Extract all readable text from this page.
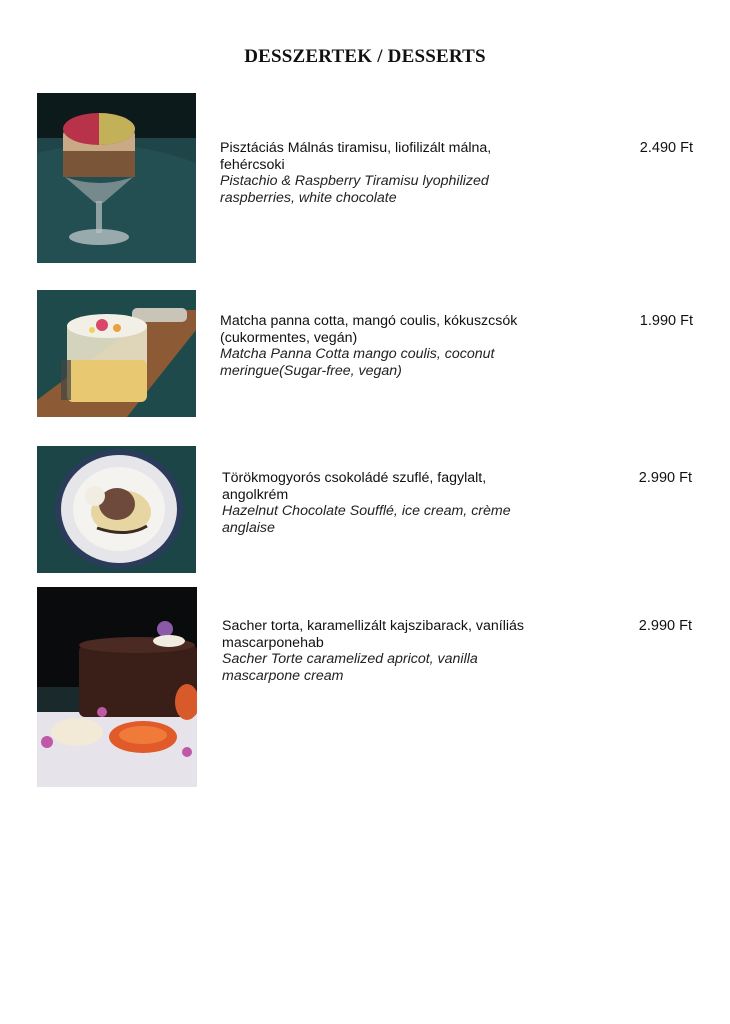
DESSZERTEK / DESSERTS
Pisztáciás Málnás tiramisu, liofilizált málna, fehércsoki
Pistachio & Raspberry Tiramisu lyophilized raspberries, white chocolate
2.490 Ft
Matcha panna cotta, mangó coulis, kókuszcsók (cukormentes, vegán)
Matcha Panna Cotta mango coulis, coconut meringue(Sugar-free, vegan)
1.990 Ft
Törökmogyorós csokoládé szuflé, fagylalt, angolkrém
Hazelnut Chocolate Soufflé, ice cream, crème anglaise
2.990 Ft
Sacher torta, karamellizált kajszibarack, vaníliás mascarponehab
Sacher Torte caramelized apricot, vanilla mascarpone cream
2.990 Ft
